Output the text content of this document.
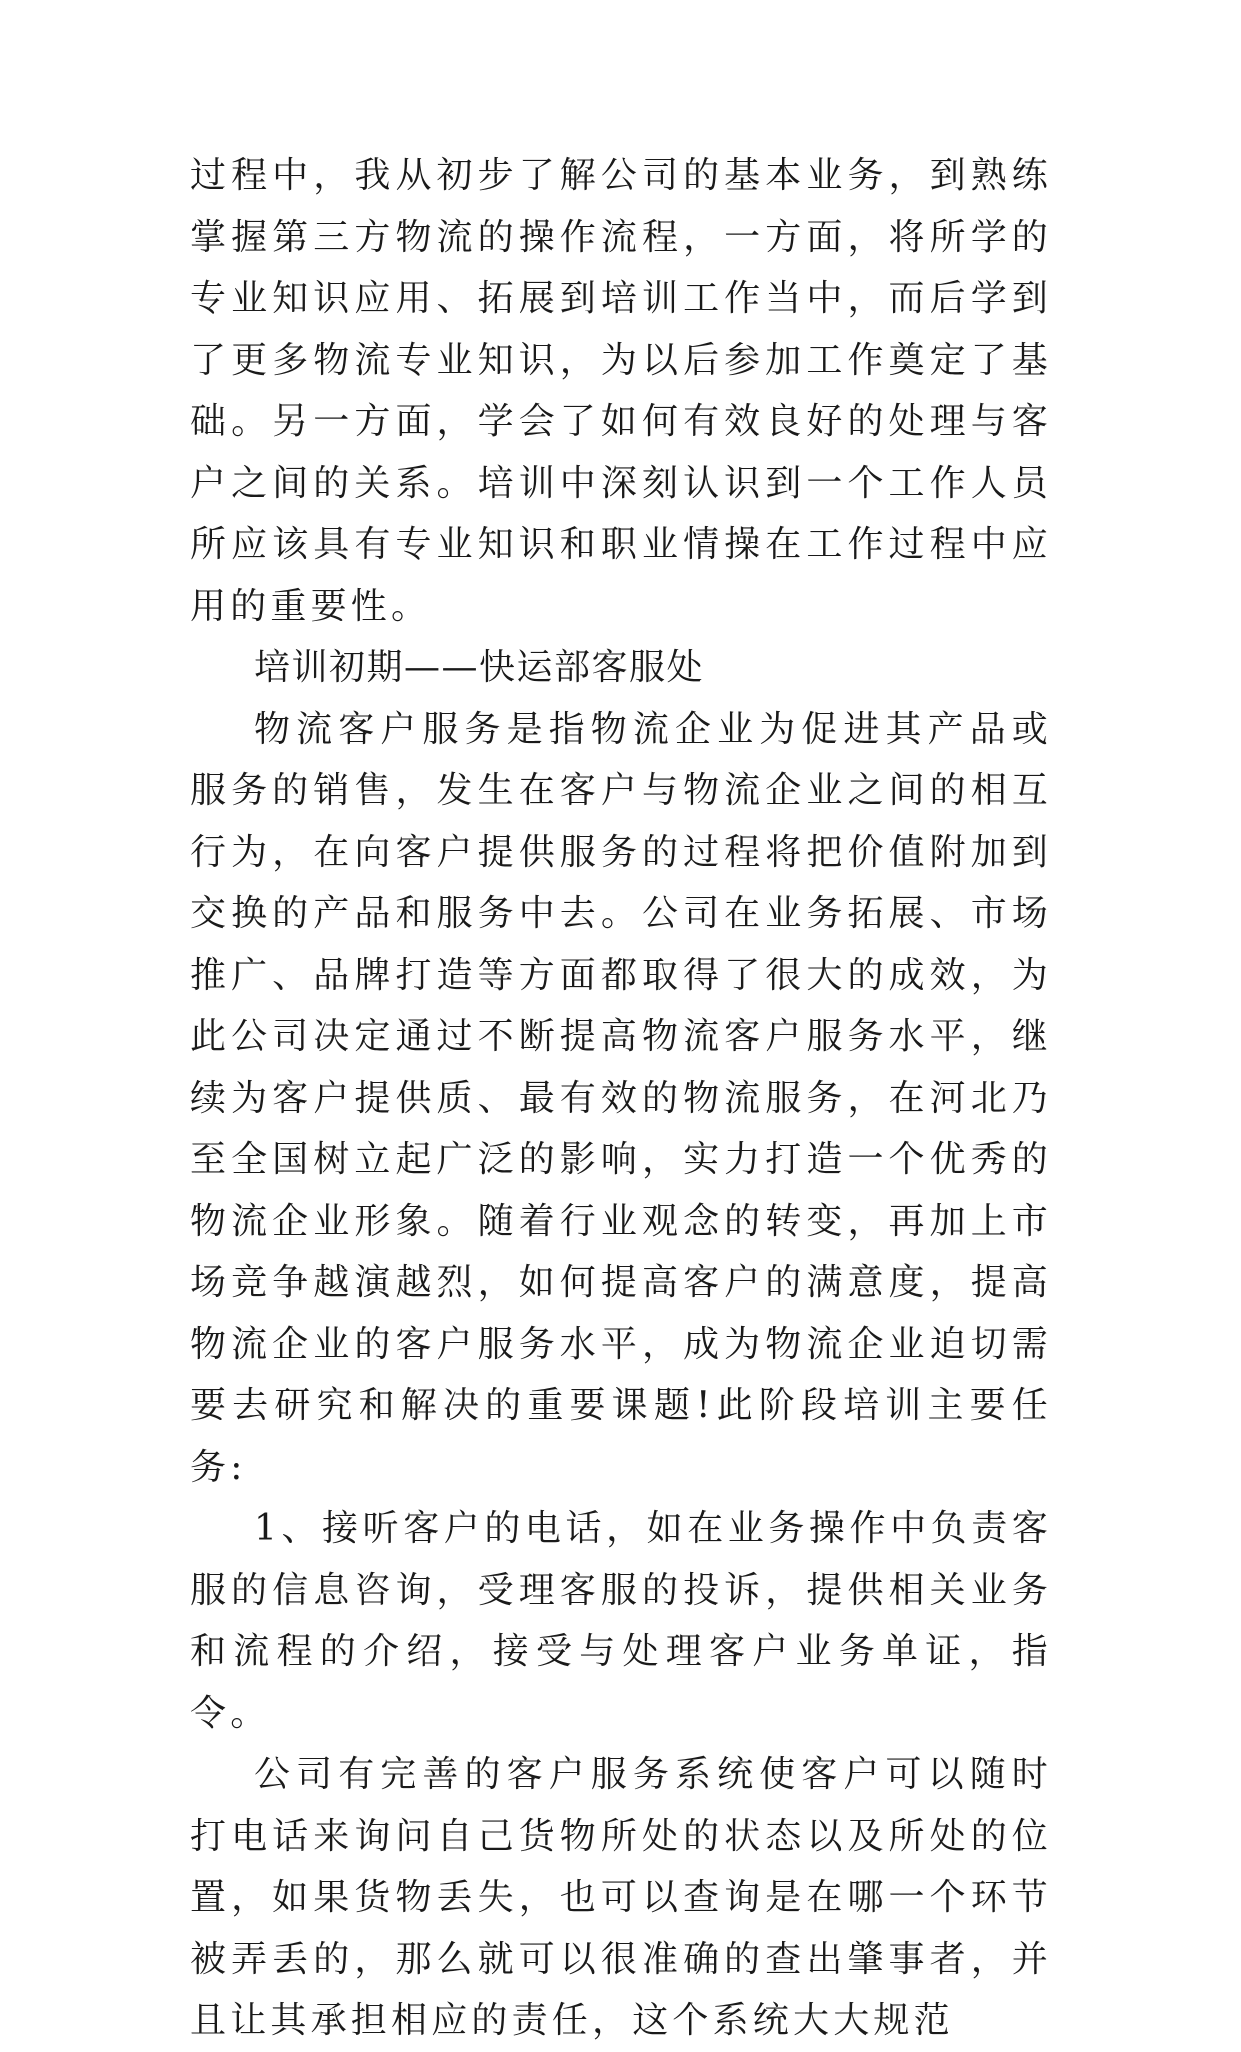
过程中，我从初步了解公司的基本业务，到熟练掌握第三方物流的操作流程，一方面，将所学的专业知识应用、拓展到培训工作当中，而后学到了更多物流专业知识，为以后参加工作奠定了基础。另一方面，学会了如何有效良好的处理与客户之间的关系。培训中深刻认识到一个工作人员所应该具有专业知识和职业情操在工作过程中应用的重要性。

培训初期——快运部客服处

物流客户服务是指物流企业为促进其产品或服务的销售，发生在客户与物流企业之间的相互行为，在向客户提供服务的过程将把价值附加到交换的产品和服务中去。公司在业务拓展、市场推广、品牌打造等方面都取得了很大的成效，为此公司决定通过不断提高物流客户服务水平，继续为客户提供质、最有效的物流服务，在河北乃至全国树立起广泛的影响，实力打造一个优秀的物流企业形象。随着行业观念的转变，再加上市场竞争越演越烈，如何提高客户的满意度，提高物流企业的客户服务水平，成为物流企业迫切需要去研究和解决的重要课题!此阶段培训主要任务:

1、接听客户的电话，如在业务操作中负责客服的信息咨询，受理客服的投诉，提供相关业务和流程的介绍，接受与处理客户业务单证，指令。

公司有完善的客户服务系统使客户可以随时打电话来询问自己货物所处的状态以及所处的位置，如果货物丢失，也可以查询是在哪一个环节被弄丢的，那么就可以很准确的查出肇事者，并且让其承担相应的责任，这个系统大大规范
